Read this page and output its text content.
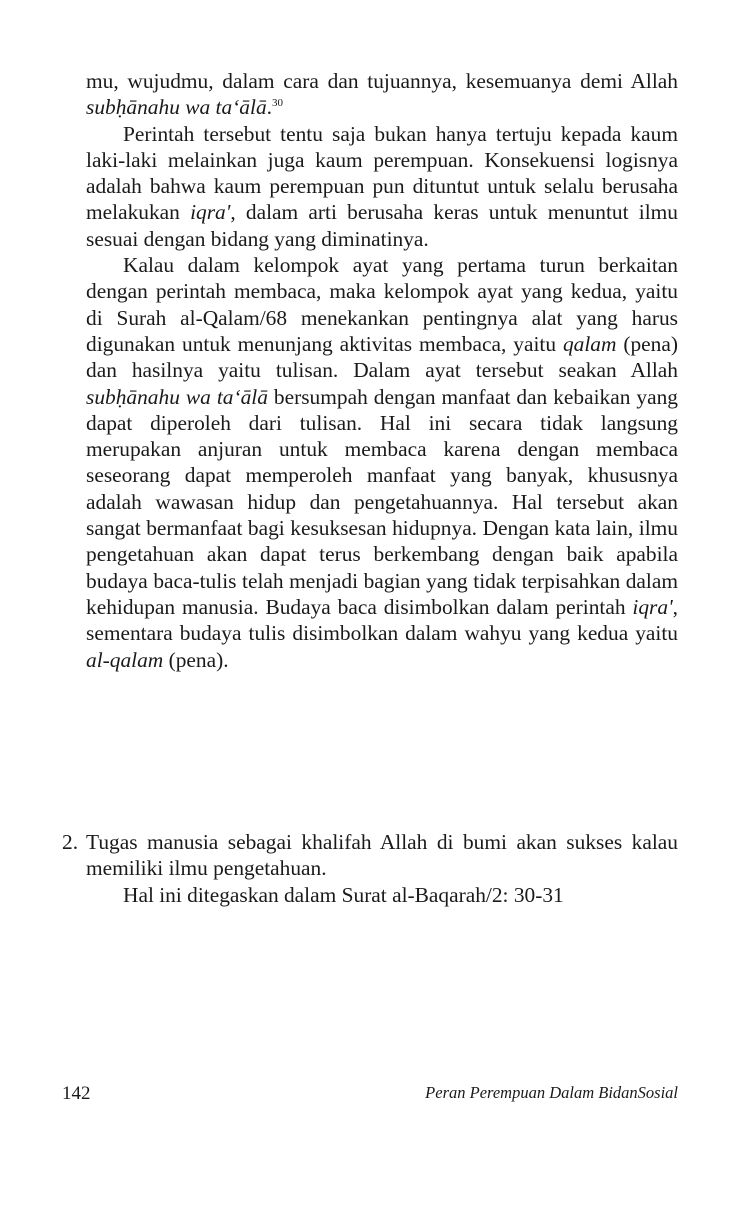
mu, wujudmu, dalam cara dan tujuannya, kesemuanya demi Allah subḥānahu wa ta‘ālā.$^{30}$

Perintah tersebut tentu saja bukan hanya tertuju kepada kaum laki-laki melainkan juga kaum perempuan. Konsekuensi logisnya adalah bahwa kaum perempuan pun dituntut untuk selalu berusaha melakukan iqra', dalam arti berusaha keras untuk menuntut ilmu sesuai dengan bidang yang diminatinya.

Kalau dalam kelompok ayat yang pertama turun berkaitan dengan perintah membaca, maka kelompok ayat yang kedua, yaitu di Surah al-Qalam/68 menekankan pentingnya alat yang harus digunakan untuk menunjang aktivitas membaca, yaitu qalam (pena) dan hasilnya yaitu tulisan. Dalam ayat tersebut seakan Allah subḥānahu wa ta‘ālā bersumpah dengan manfaat dan kebaikan yang dapat diperoleh dari tulisan. Hal ini secara tidak langsung merupakan anjuran untuk membaca karena dengan membaca seseorang dapat memperoleh manfaat yang banyak, khususnya adalah wawasan hidup dan pengetahuannya. Hal tersebut akan sangat bermanfaat bagi kesuksesan hidupnya. Dengan kata lain, ilmu pengetahuan akan dapat terus berkembang dengan baik apabila budaya baca-tulis telah menjadi bagian yang tidak terpisahkan dalam kehidupan manusia. Budaya baca disimbolkan dalam perintah iqra', sementara budaya tulis disimbolkan dalam wahyu yang kedua yaitu al-qalam (pena).

2. Tugas manusia sebagai khalifah Allah di bumi akan sukses kalau memiliki ilmu pengetahuan.

Hal ini ditegaskan dalam Surat al-Baqarah/2: 30-31

142	Peran Perempuan Dalam BidanSosial
